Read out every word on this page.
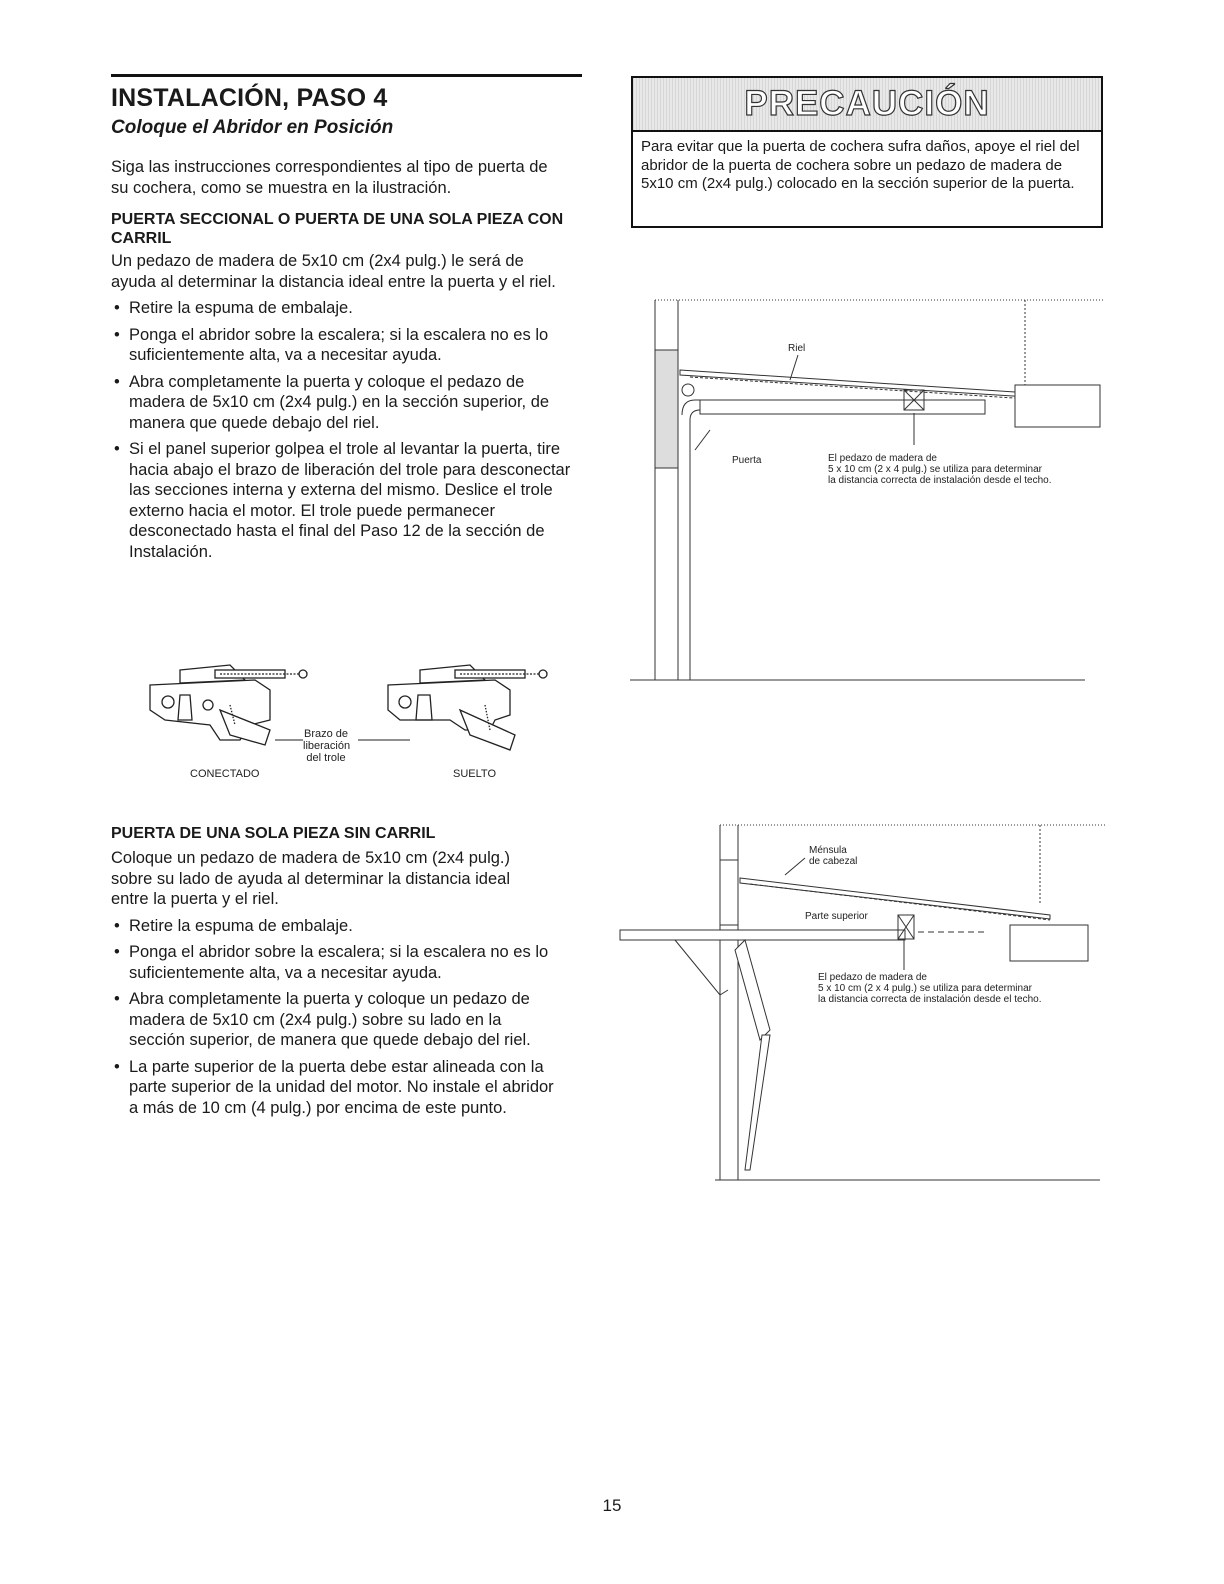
INSTALACIÓN, PASO 4
Coloque el Abridor en Posición

Siga las instrucciones correspondientes al tipo de puerta de su cochera, como se muestra en la ilustración.

PUERTA SECCIONAL O PUERTA DE UNA SOLA PIEZA CON CARRIL

Un pedazo de madera de 5x10 cm (2x4 pulg.) le será de ayuda al determinar la distancia ideal entre la puerta y el riel.

• Retire la espuma de embalaje.
• Ponga el abridor sobre la escalera; si la escalera no es lo suficientemente alta, va a necesitar ayuda.
• Abra completamente la puerta y coloque el pedazo de madera de 5x10 cm (2x4 pulg.) en la sección superior, de manera que quede debajo del riel.
• Si el panel superior golpea el trole al levantar la puerta, tire hacia abajo el brazo de liberación del trole para desconectar las secciones interna y externa del mismo. Deslice el trole externo hacia el motor. El trole puede permanecer desconectado hasta el final del Paso 12 de la sección de Instalación.
Brazo de
liberación
del trole
CONECTADO	SUELTO
PUERTA DE UNA SOLA PIEZA SIN CARRIL

Coloque un pedazo de madera de 5x10 cm (2x4 pulg.) sobre su lado de ayuda al determinar la distancia ideal entre la puerta y el riel.

• Retire la espuma de embalaje.
• Ponga el abridor sobre la escalera; si la escalera no es lo suficientemente alta, va a necesitar ayuda.
• Abra completamente la puerta y coloque un pedazo de madera de 5x10 cm (2x4 pulg.) sobre su lado en la sección superior, de manera que quede debajo del riel.
• La parte superior de la puerta debe estar alineada con la parte superior de la unidad del motor. No instale el abridor a más de 10 cm (4 pulg.) por encima de este punto.
PRECAUCIÓN
Para evitar que la puerta de cochera sufra daños, apoye el riel del abridor de la puerta de cochera sobre un pedazo de madera de 5x10 cm (2x4 pulg.) colocado en la sección superior de la puerta.
Riel
Puerta	El pedazo de madera de
5 x 10 cm (2 x 4 pulg.) se utiliza para determinar
la distancia correcta de instalación desde el techo.
Ménsula
de cabezal
Parte superior
El pedazo de madera de
5 x 10 cm (2 x 4 pulg.) se utiliza para determinar
la distancia correcta de instalación desde el techo.
15
